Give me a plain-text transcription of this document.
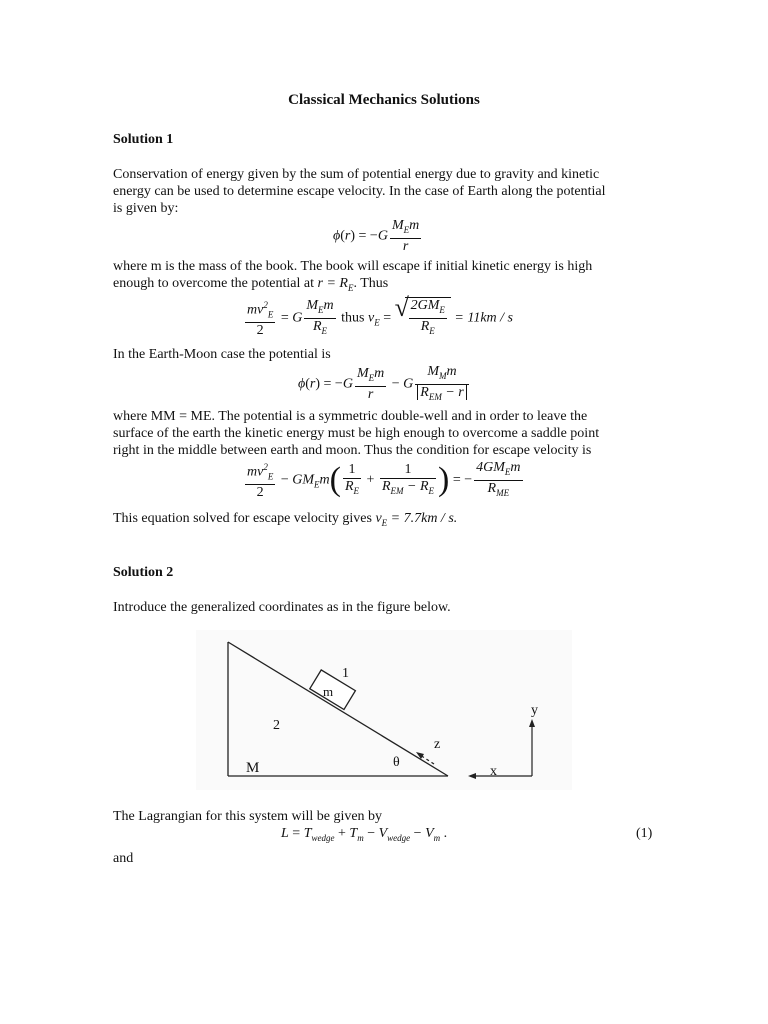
Classical Mechanics Solutions
Solution 1
Conservation of energy given by the sum of potential energy due to gravity and kinetic
energy can be used to determine escape velocity. In the case of Earth along the potential
is given by:
$\phi(r) = -G \frac{M_Em}{r}$
where m is the mass of the book. The book will escape if initial kinetic energy is high
enough to overcome the potential at $r = R_E$. Thus
$\frac{mv^2_E}{2} = G \frac{M_Em}{R_E}$ thus $v_E$ = √ $\frac{2GM_E}{R_E} = 11km / s$
In the Earth-Moon case the potential is
$\phi(r) = -G \frac{M_Em}{r} - G \frac{M_Mm}{R_{EM} - r}$
where MM = ME. The potential is a symmetric double-well and in order to leave the
surface of the earth the kinetic energy must be high enough to overcome a saddle point
right in the middle between earth and moon. Thus the condition for escape velocity is
$\frac{mv^2_E}{2} - GM_Em( \frac{1}{R_E} + \frac{1}{R_{EM} - R_E}$ ) = − $\frac{4GM_Em}{R_{ME}}$
This equation solved for escape velocity gives $v_E = 7.7km / s$.
Solution 2
Introduce the generalized coordinates as in the figure below.
m
1
2
M	θ
z
x
y
The Lagrangian for this system will be given by
$L = T_{wedge} + T_m - V_{wedge} - V_m$ .	(1)
and
